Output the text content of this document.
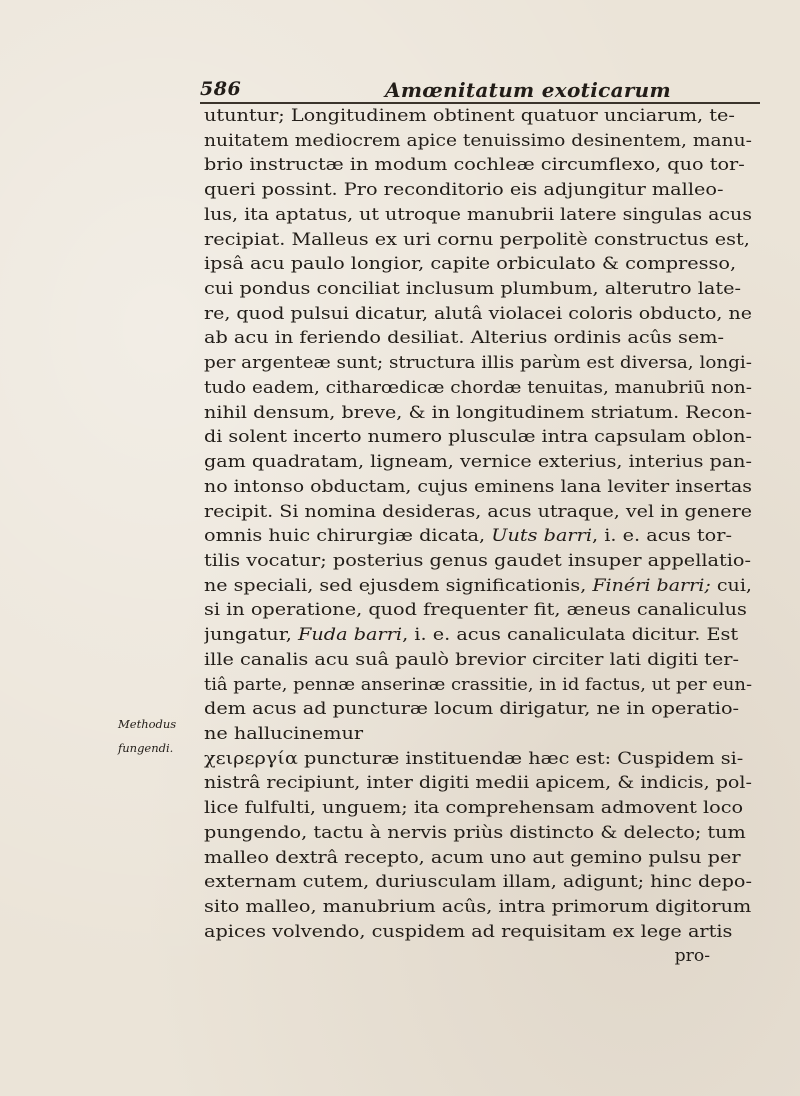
586	Amœnitatum exoticarum
Methodus
fungendi.
utuntur; Longitudinem obtinent quatuor unciarum, te-
nuitatem mediocrem apice tenuissimo desinentem, manu-
brio instructæ in modum cochleæ circumflexo, quo tor-
queri possint. Pro reconditorio eis adjungitur malleo-
lus, ita aptatus, ut utroque manubrii latere singulas acus
recipiat. Malleus ex uri cornu perpolitè constructus est,
ipsâ acu paulo longior, capite orbiculato & compresso,
cui pondus conciliat inclusum plumbum, alterutro late-
re, quod pulsui dicatur, alutâ violacei coloris obducto, ne
ab acu in feriendo desiliat. Alterius ordinis acûs sem-
per argenteæ sunt; structura illis parùm est diversa, longi-
tudo eadem, citharœdicæ chordæ tenuitas, manubriū non-
nihil densum, breve, & in longitudinem striatum. Recon-
di solent incerto numero plusculæ intra capsulam oblon-
gam quadratam, ligneam, vernice exterius, interius pan-
no intonso obductam, cujus eminens lana leviter insertas
recipit. Si nomina desideras, acus utraque, vel in genere
omnis huic chirurgiæ dicata, Uuts barri, i. e. acus tor-
tilis vocatur; posterius genus gaudet insuper appellatio-
ne speciali, sed ejusdem significationis, Finéri barri; cui,
si in operatione, quod frequenter fit, æneus canaliculus
jungatur, Fuda barri, i. e. acus canaliculata dicitur. Est
ille canalis acu suâ paulò brevior circiter lati digiti ter-
tiâ parte, pennæ anserinæ crassitie, in id factus, ut per eun-
dem acus ad puncturæ locum dirigatur, ne in operatio-
ne hallucinemur
χειρεργία puncturæ instituendæ hæc est: Cuspidem si-
nistrâ recipiunt, inter digiti medii apicem, & indicis, pol-
lice fulfulti, unguem; ita comprehensam admovent loco
pungendo, tactu à nervis priùs distincto & delecto; tum
malleo dextrâ recepto, acum uno aut gemino pulsu per
externam cutem, duriusculam illam, adigunt; hinc depo-
sito malleo, manubrium acûs, intra primorum digitorum
apices volvendo, cuspidem ad requisitam ex lege artis
pro-
